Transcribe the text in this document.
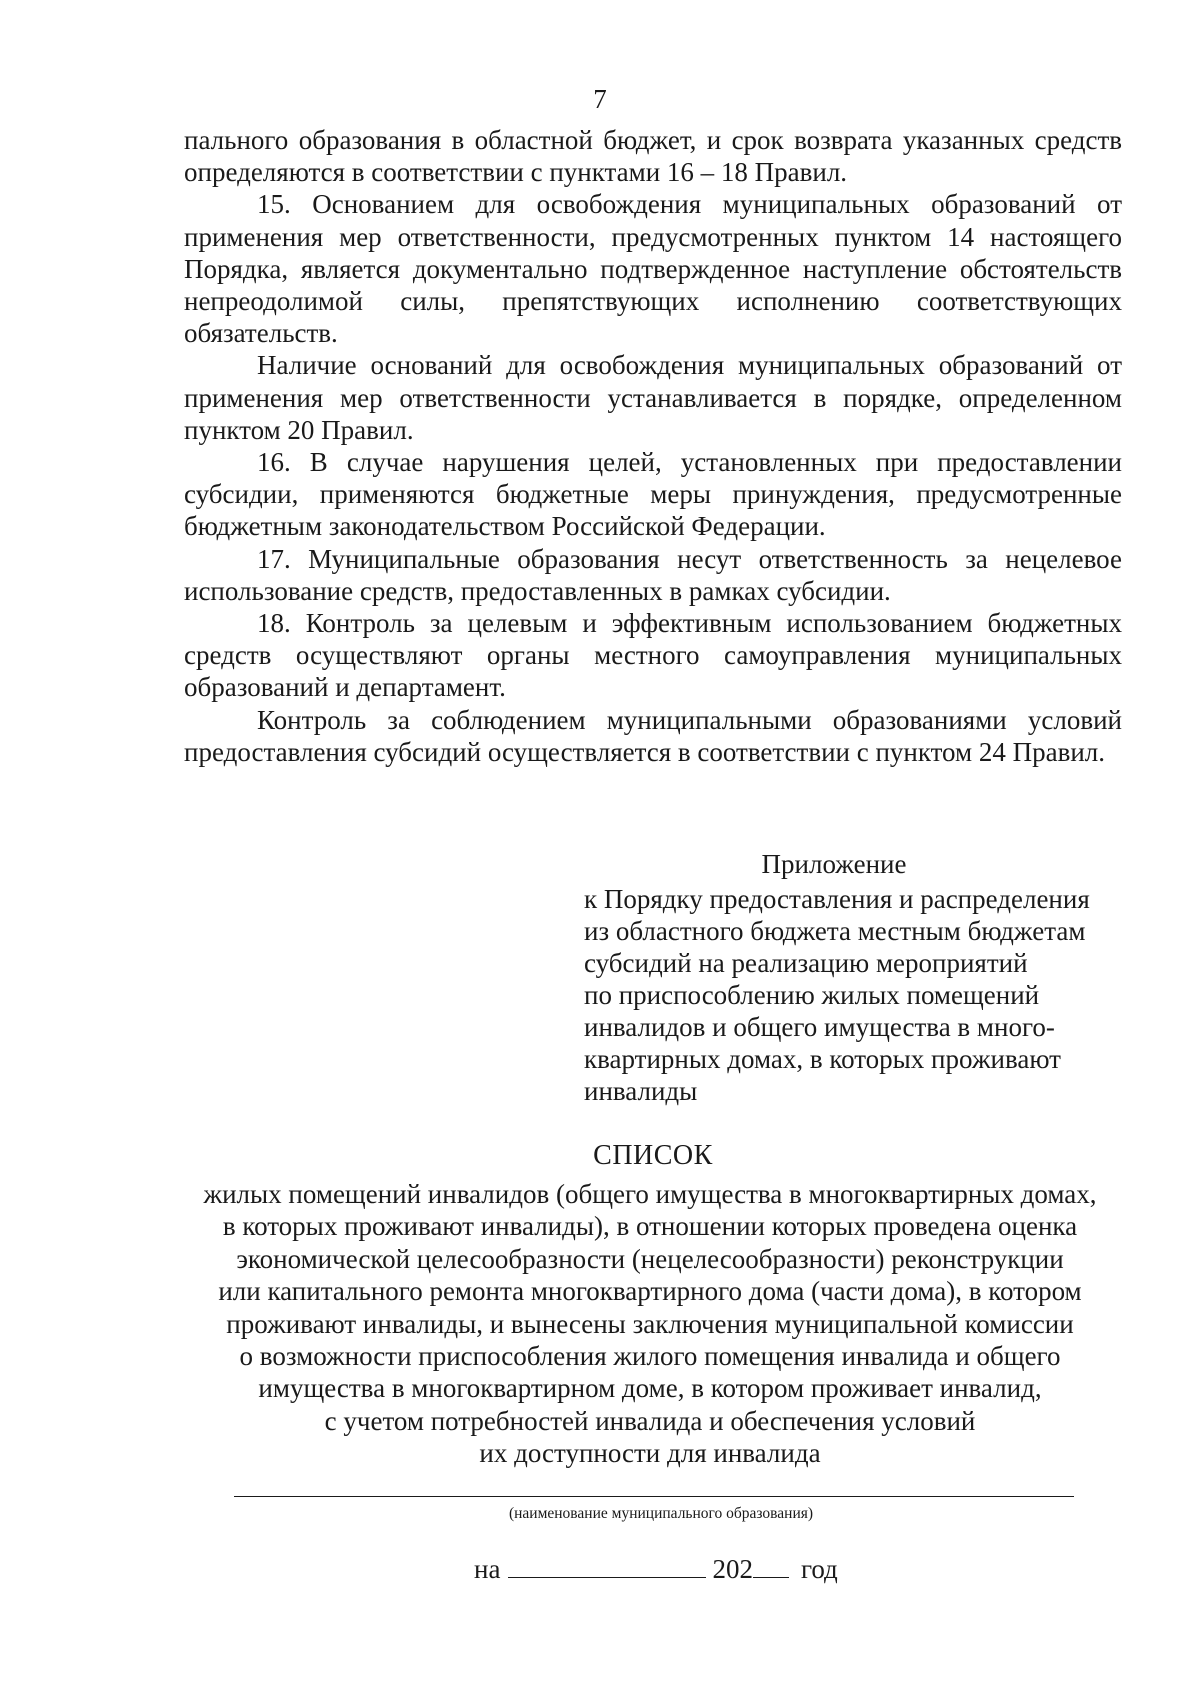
7

пального образования в областной бюджет, и срок возврата указанных средств определяются в соответствии с пунктами 16 – 18 Правил.

15. Основанием для освобождения муниципальных образований от применения мер ответственности, предусмотренных пунктом 14 настоящего Порядка, является документально подтвержденное наступление обстоятельств непреодолимой силы, препятствующих исполнению соответствующих обязательств.

Наличие оснований для освобождения муниципальных образований от применения мер ответственности устанавливается в порядке, определенном пунктом 20 Правил.

16. В случае нарушения целей, установленных при предоставлении субсидии, применяются бюджетные меры принуждения, предусмотренные бюджетным законодательством Российской Федерации.

17. Муниципальные образования несут ответственность за нецелевое использование средств, предоставленных в рамках субсидии.

18. Контроль за целевым и эффективным использованием бюджетных средств осуществляют органы местного самоуправления муниципальных образований и департамент.

Контроль за соблюдением муниципальными образованиями условий предоставления субсидий осуществляется в соответствии с пунктом 24 Правил.

Приложение
к Порядку предоставления и распределения
из областного бюджета местным бюджетам
субсидий на реализацию мероприятий
по приспособлению жилых помещений
инвалидов и общего имущества в много-
квартирных домах, в которых проживают
инвалиды
СПИСОК
жилых помещений инвалидов (общего имущества в многоквартирных домах,
в которых проживают инвалиды), в отношении которых проведена оценка
экономической целесообразности (нецелесообразности) реконструкции
или капитального ремонта многоквартирного дома (части дома), в котором
проживают инвалиды, и вынесены заключения муниципальной комиссии
о возможности приспособления жилого помещения инвалида и общего
имущества в многоквартирном доме, в котором проживает инвалид,
с учетом потребностей инвалида и обеспечения условий
их доступности для инвалида
(наименование муниципального образования)
на	202 год
